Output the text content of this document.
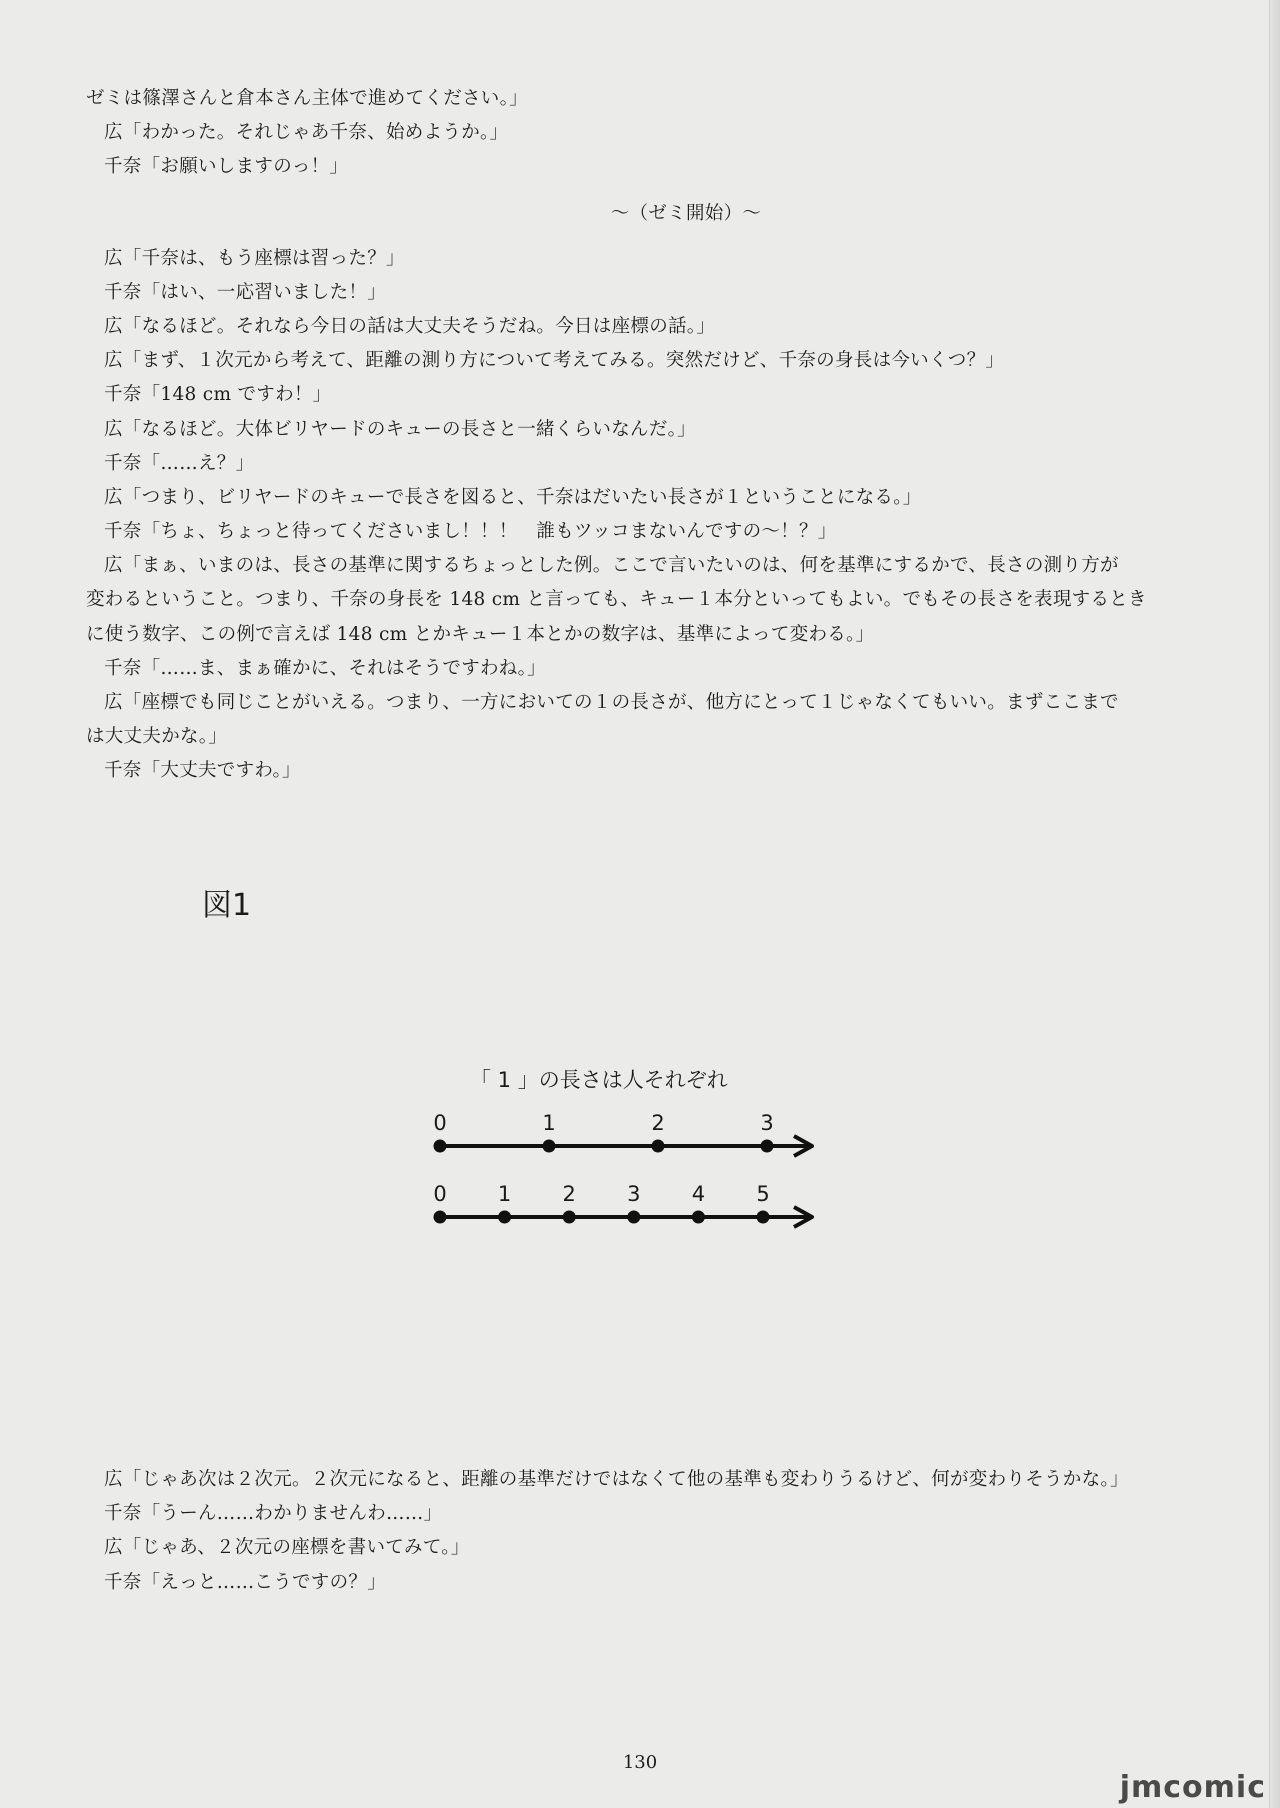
ゼミは篠澤さんと倉本さん主体で進めてください。」
広「わかった。それじゃあ千奈、始めようか。」
千奈「お願いしますのっ！」
〜（ゼミ開始）〜
広「千奈は、もう座標は習った？」
千奈「はい、一応習いました！」
広「なるほど。それなら今日の話は大丈夫そうだね。今日は座標の話。」
広「まず、１次元から考えて、距離の測り方について考えてみる。突然だけど、千奈の身長は今いくつ？」
千奈「148 cm ですわ！」
広「なるほど。大体ビリヤードのキューの長さと一緒くらいなんだ。」
千奈「……え？」
広「つまり、ビリヤードのキューで長さを図ると、千奈はだいたい長さが１ということになる。」
千奈「ちょ、ちょっと待ってくださいまし！！！　誰もツッコまないんですの〜！？」
広「まぁ、いまのは、長さの基準に関するちょっとした例。ここで言いたいのは、何を基準にするかで、長さの測り方が
変わるということ。つまり、千奈の身長を 148 cm と言っても、キュー１本分といってもよい。でもその長さを表現するとき
に使う数字、この例で言えば 148 cm とかキュー１本とかの数字は、基準によって変わる。」
千奈「……ま、まぁ確かに、それはそうですわね。」
広「座標でも同じことがいえる。つまり、一方においての１の長さが、他方にとって１じゃなくてもいい。まずここまで
は大丈夫かな。」
千奈「大丈夫ですわ。」
図1
「 1 」の長さは人それぞれ
0	1	2	3
0 1 2 3 4 5
広「じゃあ次は２次元。２次元になると、距離の基準だけではなくて他の基準も変わりうるけど、何が変わりそうかな。」
千奈「うーん……わかりませんわ……」
広「じゃあ、２次元の座標を書いてみて。」
千奈「えっと……こうですの？」
130
jmcomic
